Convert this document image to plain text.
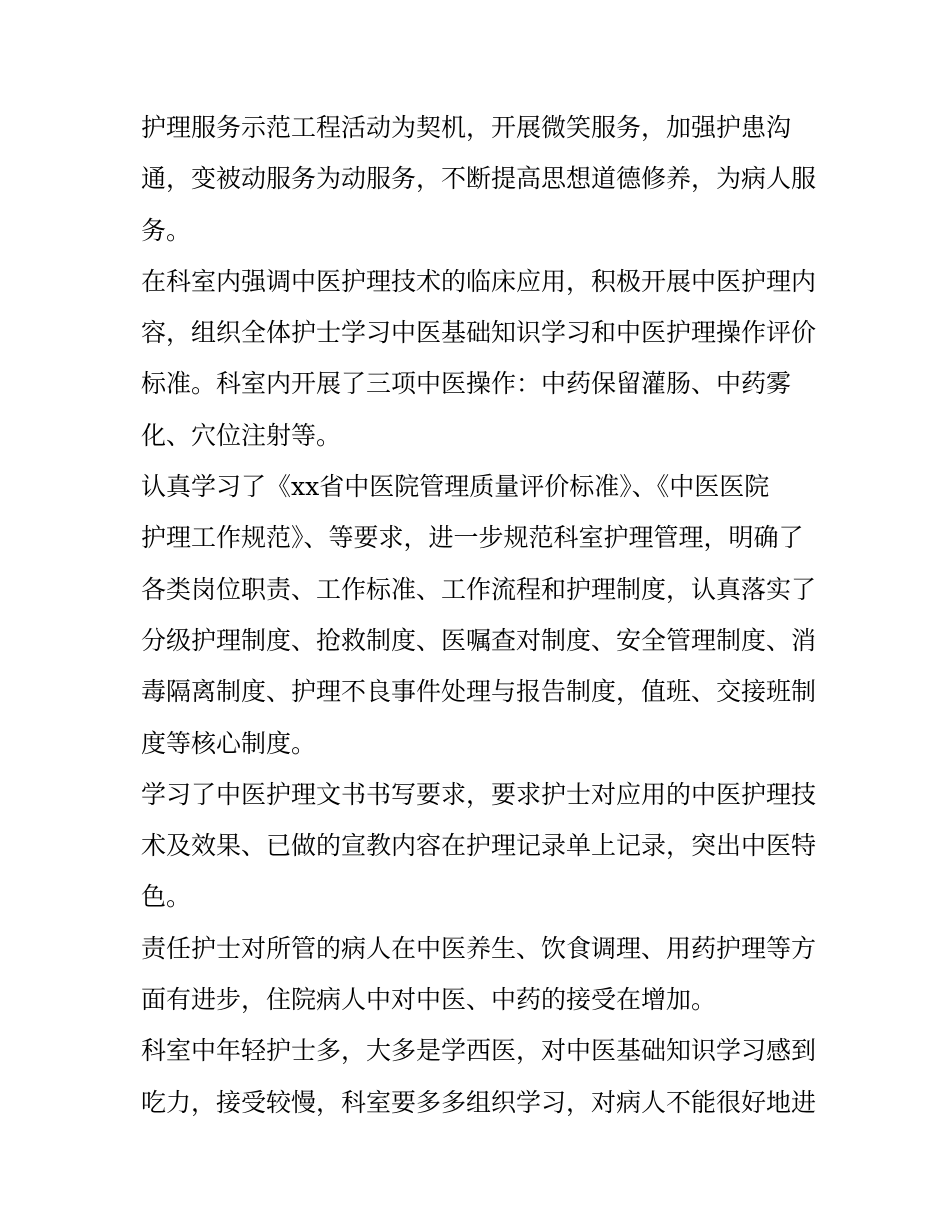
护理服务示范工程活动为契机，开展微笑服务，加强护患沟
通，变被动服务为动服务，不断提高思想道德修养，为病人服
务。
在科室内强调中医护理技术的临床应用，积极开展中医护理内
容，组织全体护士学习中医基础知识学习和中医护理操作评价
标准。科室内开展了三项中医操作：中药保留灌肠、中药雾
化、穴位注射等。
认真学习了《xx省中医院管理质量评价标准》、《中医医院
护理工作规范》、等要求，进一步规范科室护理管理，明确了
各类岗位职责、工作标准、工作流程和护理制度，认真落实了
分级护理制度、抢救制度、医嘱查对制度、安全管理制度、消
毒隔离制度、护理不良事件处理与报告制度，值班、交接班制
度等核心制度。
学习了中医护理文书书写要求，要求护士对应用的中医护理技
术及效果、已做的宣教内容在护理记录单上记录，突出中医特
色。
责任护士对所管的病人在中医养生、饮食调理、用药护理等方
面有进步，住院病人中对中医、中药的接受在增加。
科室中年轻护士多，大多是学西医，对中医基础知识学习感到
吃力，接受较慢，科室要多多组织学习，对病人不能很好地进
